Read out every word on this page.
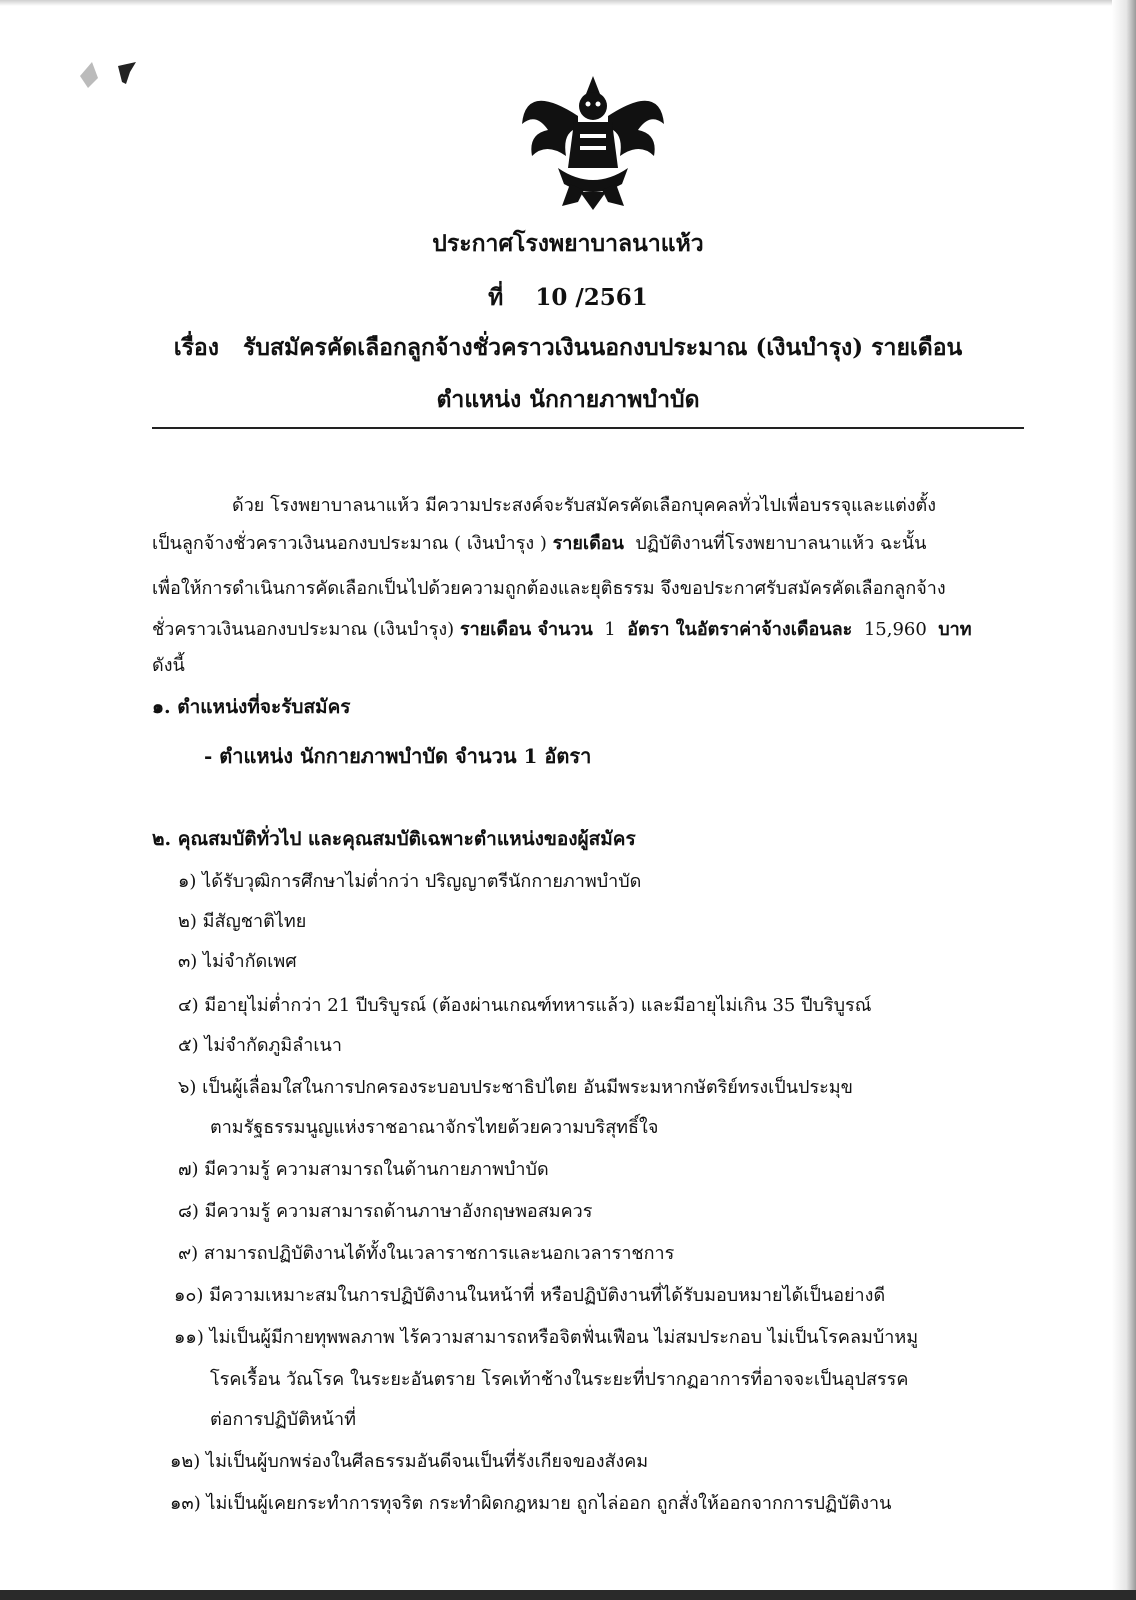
ประกาศโรงพยาบาลนาแห้ว
ที่ 10 /2561
เรื่อง รับสมัครคัดเลือกลูกจ้างชั่วคราวเงินนอกงบประมาณ (เงินบำรุง) รายเดือน
ตำแหน่ง นักกายภาพบำบัด
ด้วย โรงพยาบาลนาแห้ว มีความประสงค์จะรับสมัครคัดเลือกบุคคลทั่วไปเพื่อบรรจุและแต่งตั้ง
เป็นลูกจ้างชั่วคราวเงินนอกงบประมาณ ( เงินบำรุง ) รายเดือน ปฏิบัติงานที่โรงพยาบาลนาแห้ว ฉะนั้น
เพื่อให้การดำเนินการคัดเลือกเป็นไปด้วยความถูกต้องและยุติธรรม จึงขอประกาศรับสมัครคัดเลือกลูกจ้าง
ชั่วคราวเงินนอกงบประมาณ (เงินบำรุง) รายเดือน จำนวน 1 อัตรา ในอัตราค่าจ้างเดือนละ 15,960 บาท
ดังนี้
๑. ตำแหน่งที่จะรับสมัคร
- ตำแหน่ง นักกายภาพบำบัด จำนวน 1 อัตรา
๒. คุณสมบัติทั่วไป และคุณสมบัติเฉพาะตำแหน่งของผู้สมัคร
๑) ได้รับวุฒิการศึกษาไม่ต่ำกว่า ปริญญาตรีนักกายภาพบำบัด
๒) มีสัญชาติไทย
๓) ไม่จำกัดเพศ
๔) มีอายุไม่ต่ำกว่า 21 ปีบริบูรณ์ (ต้องผ่านเกณฑ์ทหารแล้ว) และมีอายุไม่เกิน 35 ปีบริบูรณ์
๕) ไม่จำกัดภูมิลำเนา
๖) เป็นผู้เลื่อมใสในการปกครองระบอบประชาธิปไตย อันมีพระมหากษัตริย์ทรงเป็นประมุข
ตามรัฐธรรมนูญแห่งราชอาณาจักรไทยด้วยความบริสุทธิ์ใจ
๗) มีความรู้ ความสามารถในด้านกายภาพบำบัด
๘) มีความรู้ ความสามารถด้านภาษาอังกฤษพอสมควร
๙) สามารถปฏิบัติงานได้ทั้งในเวลาราชการและนอกเวลาราชการ
๑๐) มีความเหมาะสมในการปฏิบัติงานในหน้าที่ หรือปฏิบัติงานที่ได้รับมอบหมายได้เป็นอย่างดี
๑๑) ไม่เป็นผู้มีกายทุพพลภาพ ไร้ความสามารถหรือจิตฟั่นเฟือน ไม่สมประกอบ ไม่เป็นโรคลมบ้าหมู
โรคเรื้อน วัณโรค ในระยะอันตราย โรคเท้าช้างในระยะที่ปรากฏอาการที่อาจจะเป็นอุปสรรค
ต่อการปฏิบัติหน้าที่
๑๒) ไม่เป็นผู้บกพร่องในศีลธรรมอันดีจนเป็นที่รังเกียจของสังคม
๑๓) ไม่เป็นผู้เคยกระทำการทุจริต กระทำผิดกฎหมาย ถูกไล่ออก ถูกสั่งให้ออกจากการปฏิบัติงาน
